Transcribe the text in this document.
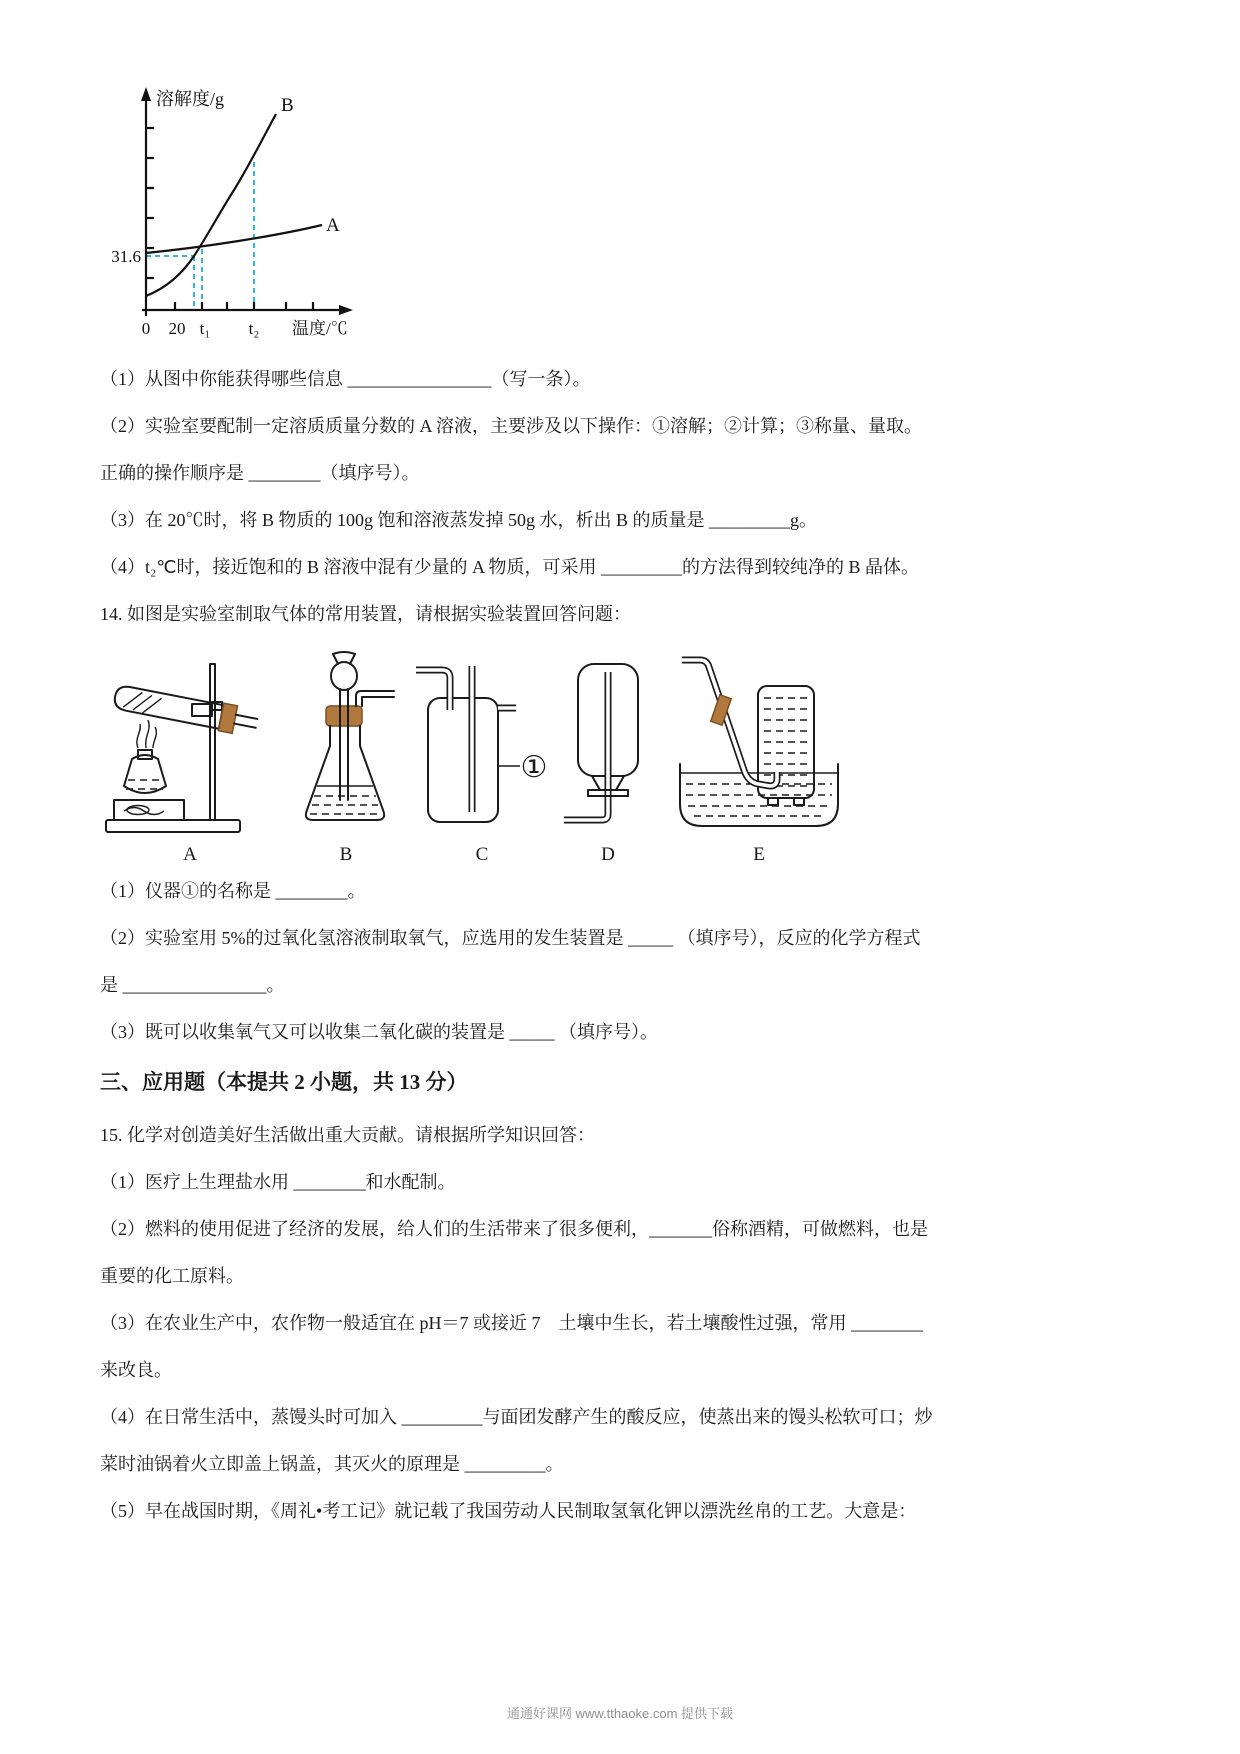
溶解度/g
31.6
0 20 t₁ t₂ 温度/℃
A
B

（1）从图中你能获得哪些信息 ________________（写一条）。

（2）实验室要配制一定溶质质量分数的 A 溶液，主要涉及以下操作：①溶解；②计算；③称量、量取。

正确的操作顺序是 ________（填序号）。

（3）在 20℃时，将 B 物质的 100g 饱和溶液蒸发掉 50g 水，析出 B 的质量是 _________g。

（4）t₂℃时，接近饱和的 B 溶液中混有少量的 A 物质，可采用 _________的方法得到较纯净的 B 晶体。

14. 如图是实验室制取气体的常用装置，请根据实验装置回答问题：

A	B
①
C	D	E

（1）仪器①的名称是 ________。

（2）实验室用 5%的过氧化氢溶液制取氧气，应选用的发生装置是 _____ （填序号），反应的化学方程式

是 ________________。

（3）既可以收集氧气又可以收集二氧化碳的装置是 _____ （填序号）。

三、应用题（本提共 2 小题，共 13 分）

15. 化学对创造美好生活做出重大贡献。请根据所学知识回答：

（1）医疗上生理盐水用 ________和水配制。

（2）燃料的使用促进了经济的发展，给人们的生活带来了很多便利，_______俗称酒精，可做燃料，也是

重要的化工原料。

（3）在农业生产中，农作物一般适宜在 pH＝7 或接近 7　土壤中生长，若土壤酸性过强，常用 ________

来改良。

（4）在日常生活中，蒸馒头时可加入 _________与面团发酵产生的酸反应，使蒸出来的馒头松软可口；炒

菜时油锅着火立即盖上锅盖，其灭火的原理是 _________。

（5）早在战国时期，《周礼•考工记》就记载了我国劳动人民制取氢氧化钾以漂洗丝帛的工艺。大意是：

通通好课网 www.tthaoke.com 提供下载
